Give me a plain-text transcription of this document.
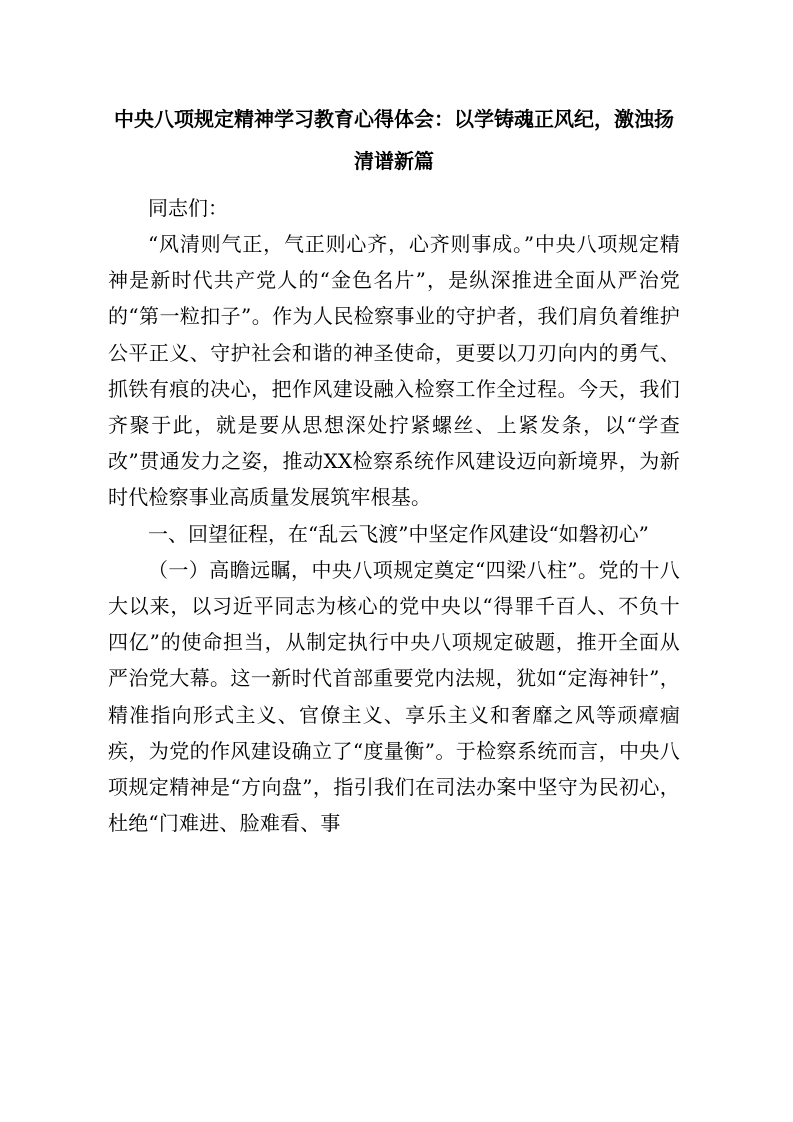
中央八项规定精神学习教育心得体会：以学铸魂正风纪，激浊扬清谱新篇

同志们：

“风清则气正，气正则心齐，心齐则事成。”中央八项规定精神是新时代共产党人的“金色名片”，是纵深推进全面从严治党的“第一粒扣子”。作为人民检察事业的守护者，我们肩负着维护公平正义、守护社会和谐的神圣使命，更要以刀刃向内的勇气、抓铁有痕的决心，把作风建设融入检察工作全过程。今天，我们齐聚于此，就是要从思想深处拧紧螺丝、上紧发条，以“学查改”贯通发力之姿，推动XX检察系统作风建设迈向新境界，为新时代检察事业高质量发展筑牢根基。

一、回望征程，在“乱云飞渡”中坚定作风建设“如磐初心”

（一）高瞻远瞩，中央八项规定奠定“四梁八柱”。党的十八大以来，以习近平同志为核心的党中央以“得罪千百人、不负十四亿”的使命担当，从制定执行中央八项规定破题，推开全面从严治党大幕。这一新时代首部重要党内法规，犹如“定海神针”，精准指向形式主义、官僚主义、享乐主义和奢靡之风等顽瘴痼疾，为党的作风建设确立了“度量衡”。于检察系统而言，中央八项规定精神是“方向盘”，指引我们在司法办案中坚守为民初心，杜绝“门难进、脸难看、事
